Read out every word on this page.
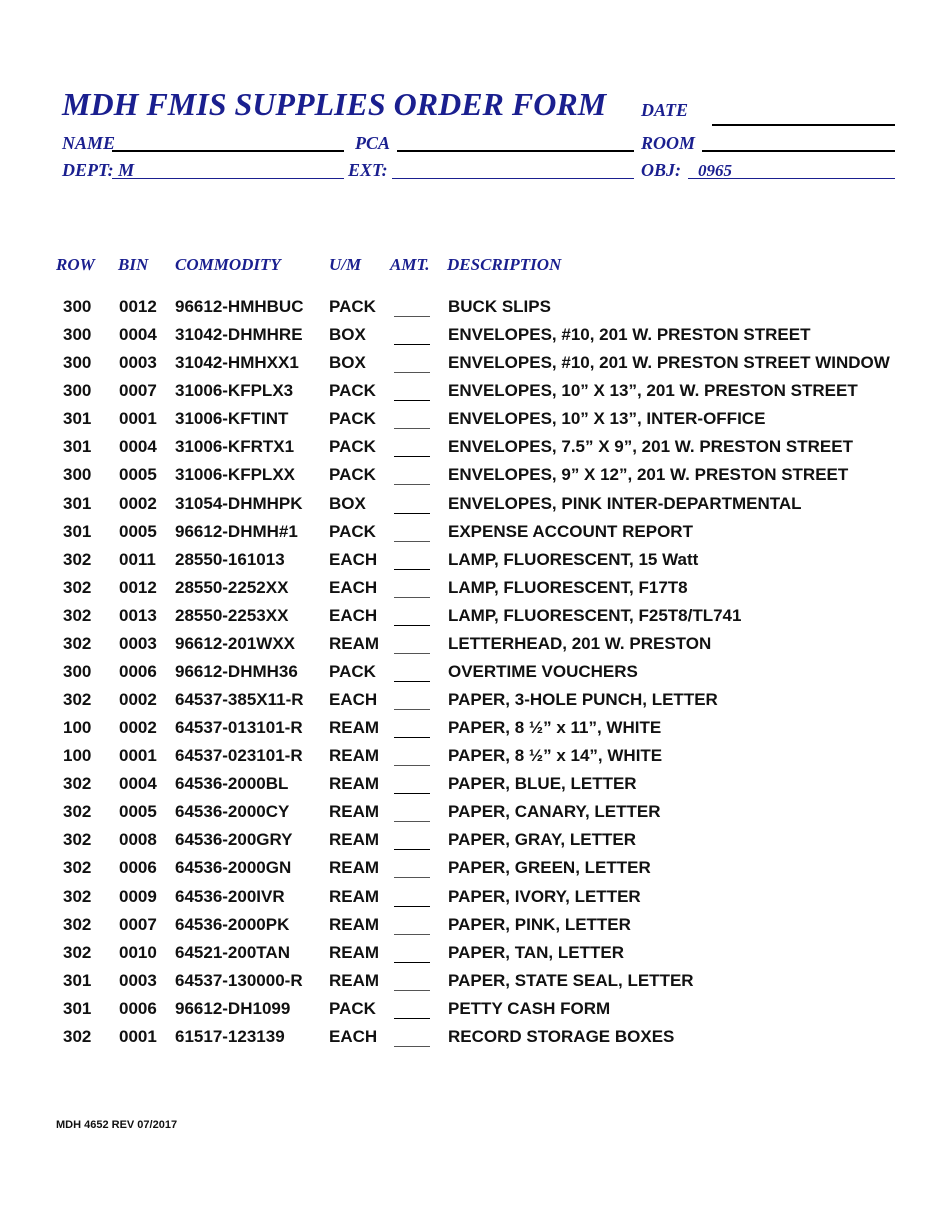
MDH FMIS SUPPLIES ORDER FORM DATE
NAME	PCA	ROOM
DEPT: M	EXT:	OBJ: 0965
ROW BIN COMMODITY	U/M AMT. DESCRIPTION
300 0012 96612-HMHBUC PACK	BUCK SLIPS
300 0004 31042-DHMHRE BOX	ENVELOPES, #10, 201 W. PRESTON STREET
300 0003 31042-HMHXX1 BOX	ENVELOPES, #10, 201 W. PRESTON STREET WINDOW
300 0007 31006-KFPLX3 PACK	ENVELOPES, 10” X 13”, 201 W. PRESTON STREET
301 0001 31006-KFTINT PACK	ENVELOPES, 10” X 13”, INTER-OFFICE
301 0004 31006-KFRTX1 PACK	ENVELOPES, 7.5” X 9”, 201 W. PRESTON STREET
300 0005 31006-KFPLXX PACK	ENVELOPES, 9” X 12”, 201 W. PRESTON STREET
301 0002 31054-DHMHPK BOX	ENVELOPES, PINK INTER-DEPARTMENTAL
301 0005 96612-DHMH#1 PACK	EXPENSE ACCOUNT REPORT
302 0011 28550-161013	EACH	LAMP, FLUORESCENT, 15 Watt
302 0012 28550-2252XX EACH	LAMP, FLUORESCENT, F17T8
302 0013 28550-2253XX EACH	LAMP, FLUORESCENT, F25T8/TL741
302 0003 96612-201WXX REAM	LETTERHEAD, 201 W. PRESTON
300 0006 96612-DHMH36 PACK	OVERTIME VOUCHERS
302 0002 64537-385X11-R EACH	PAPER, 3-HOLE PUNCH, LETTER
100 0002 64537-013101-R REAM	PAPER, 8 ½” x 11”, WHITE
100 0001 64537-023101-R REAM	PAPER, 8 ½” x 14”, WHITE
302 0004 64536-2000BL REAM	PAPER, BLUE, LETTER
302 0005 64536-2000CY REAM	PAPER, CANARY, LETTER
302 0008 64536-200GRY REAM	PAPER, GRAY, LETTER
302 0006 64536-2000GN REAM	PAPER, GREEN, LETTER
302 0009 64536-200IVR	REAM	PAPER, IVORY, LETTER
302 0007 64536-2000PK REAM	PAPER, PINK, LETTER
302 0010 64521-200TAN REAM	PAPER, TAN, LETTER
301 0003 64537-130000-R REAM	PAPER, STATE SEAL, LETTER
301 0006 96612-DH1099 PACK	PETTY CASH FORM
302 0001 61517-123139	EACH	RECORD STORAGE BOXES
MDH 4652 REV 07/2017
